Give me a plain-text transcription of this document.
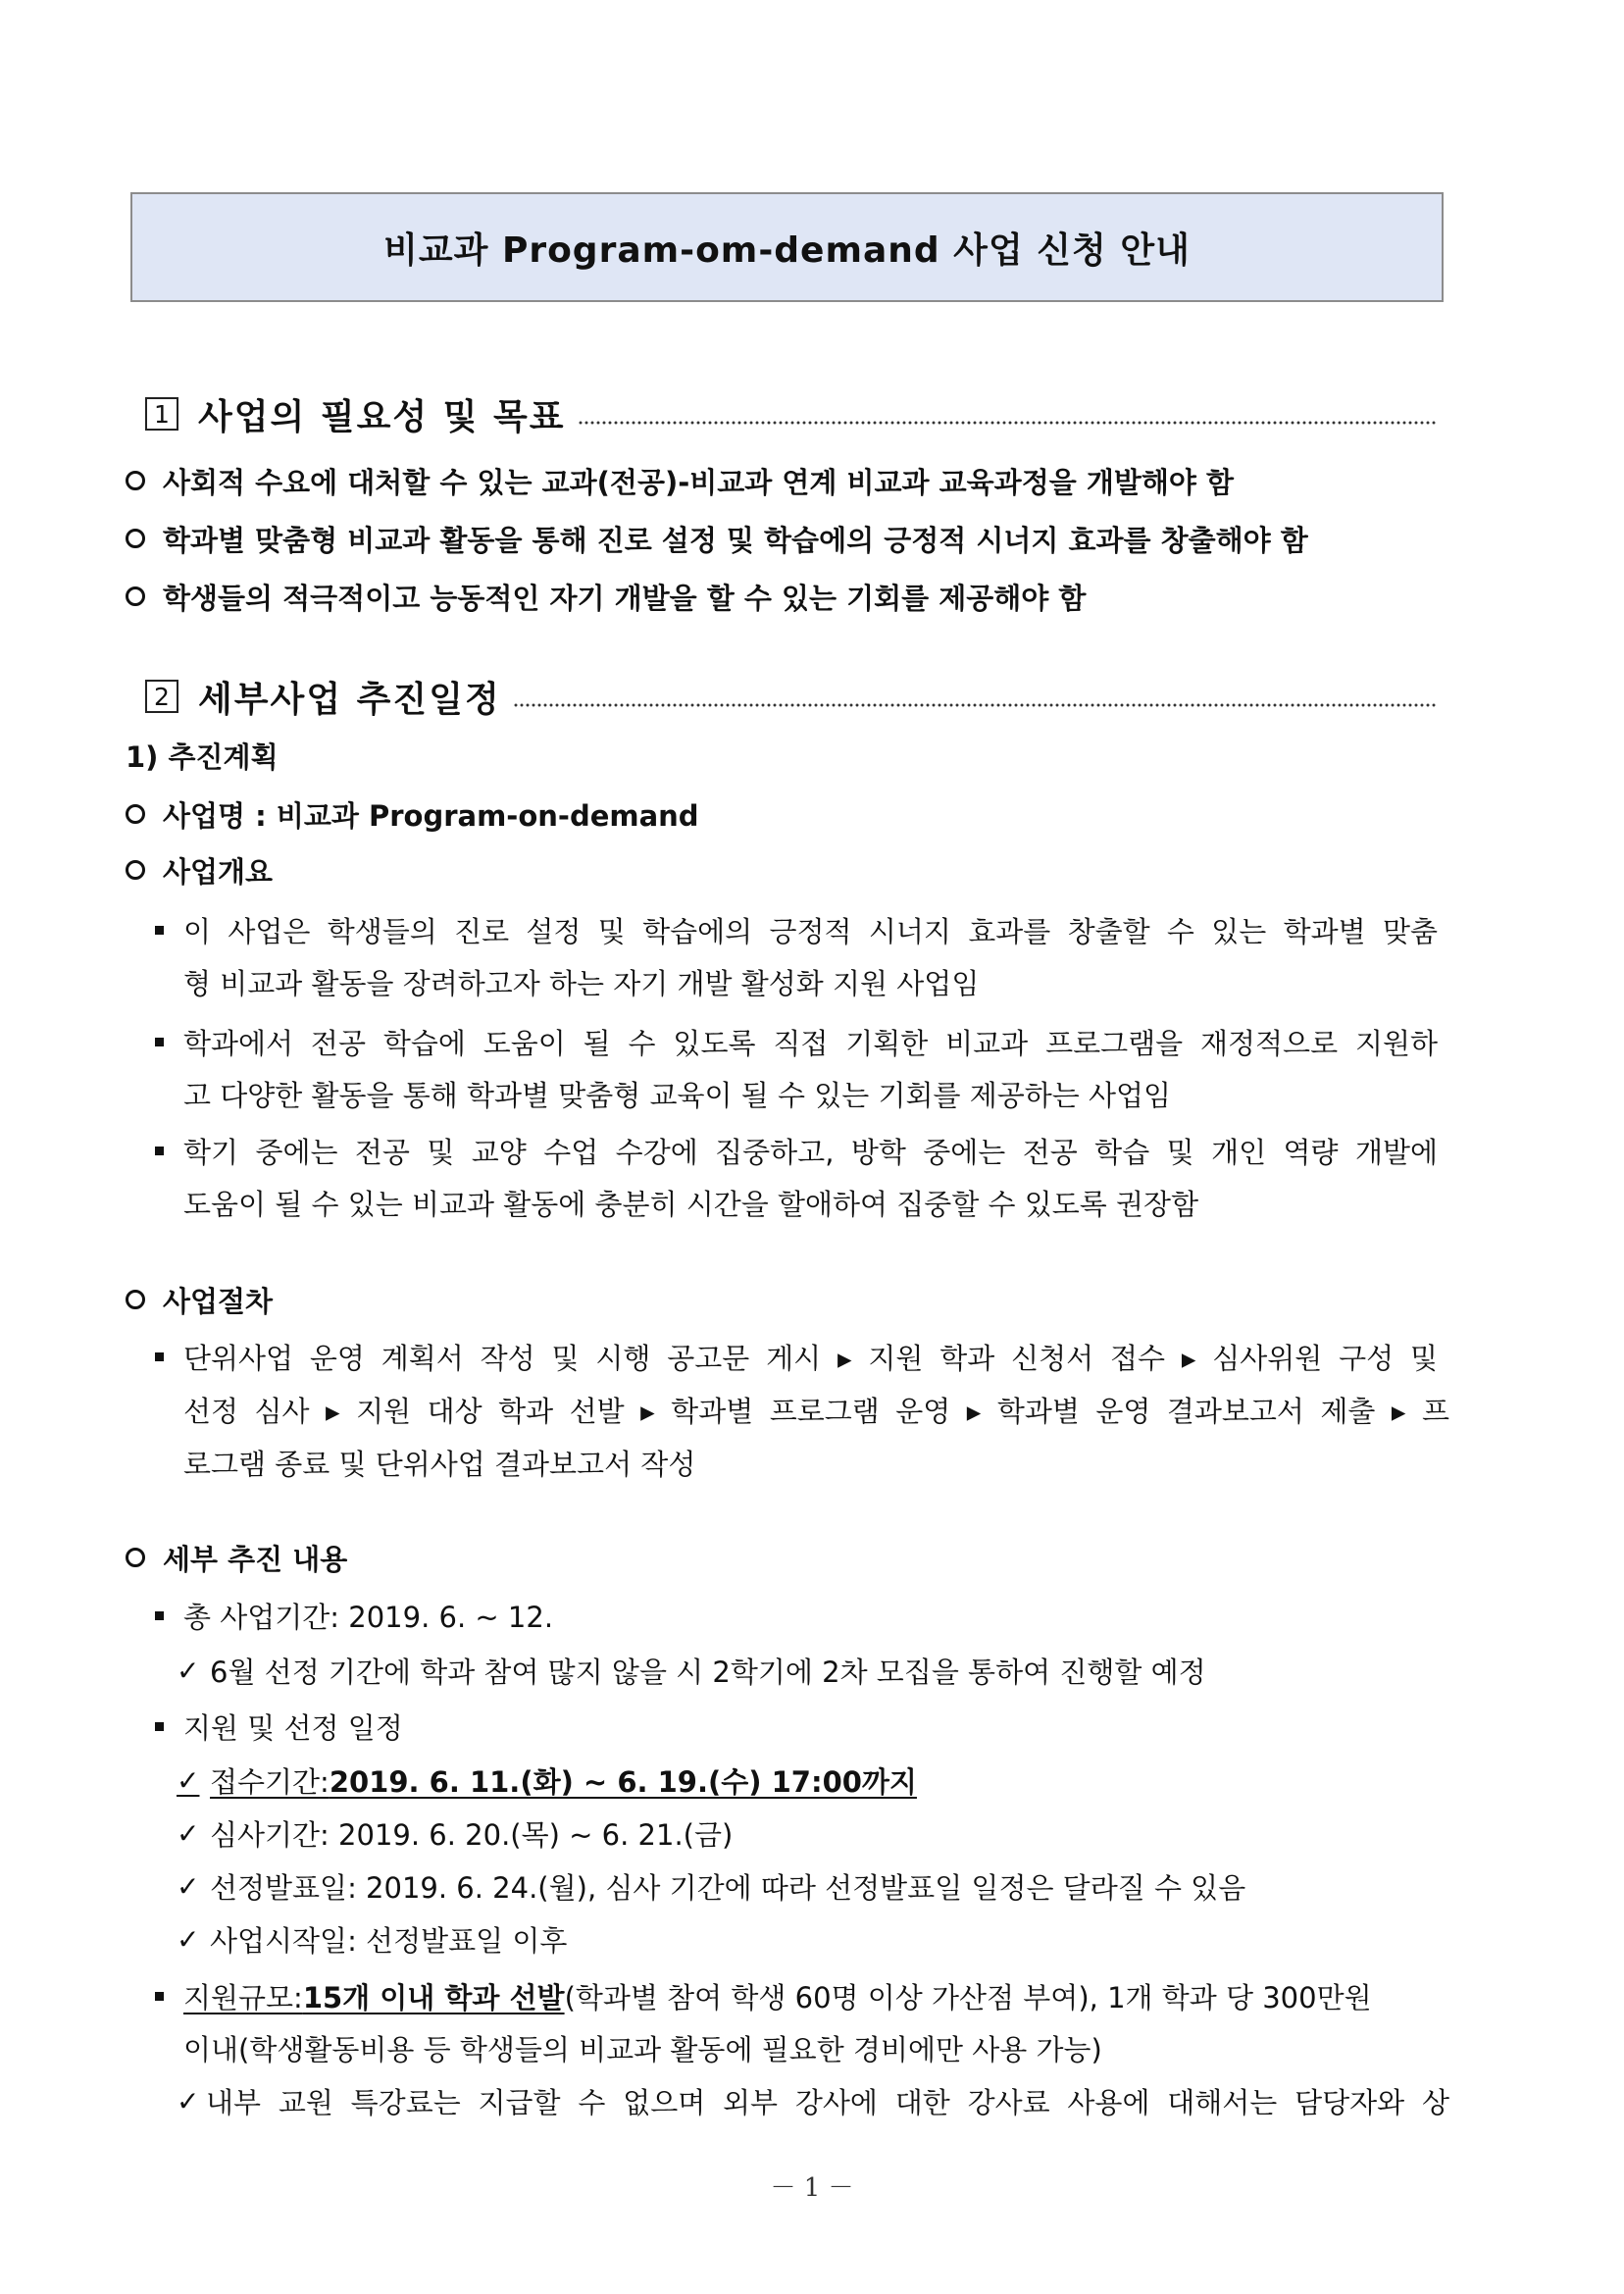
비교과 Program-om-demand 사업 신청 안내
1 사업의 필요성 및 목표
사회적 수요에 대처할 수 있는 교과(전공)-비교과 연계 비교과 교육과정을 개발해야 함
학과별 맞춤형 비교과 활동을 통해 진로 설정 및 학습에의 긍정적 시너지 효과를 창출해야 함
학생들의 적극적이고 능동적인 자기 개발을 할 수 있는 기회를 제공해야 함
2 세부사업 추진일정
1) 추진계획
사업명 : 비교과 Program-on-demand
사업개요
이 사업은 학생들의 진로 설정 및 학습에의 긍정적 시너지 효과를 창출할 수 있는 학과별 맞춤
형 비교과 활동을 장려하고자 하는 자기 개발 활성화 지원 사업임
학과에서 전공 학습에 도움이 될 수 있도록 직접 기획한 비교과 프로그램을 재정적으로 지원하
고 다양한 활동을 통해 학과별 맞춤형 교육이 될 수 있는 기회를 제공하는 사업임
학기 중에는 전공 및 교양 수업 수강에 집중하고, 방학 중에는 전공 학습 및 개인 역량 개발에
도움이 될 수 있는 비교과 활동에 충분히 시간을 할애하여 집중할 수 있도록 권장함
사업절차
단위사업 운영 계획서 작성 및 시행 공고문 게시 ▸ 지원 학과 신청서 접수 ▸ 심사위원 구성 및
선정 심사 ▸ 지원 대상 학과 선발 ▸ 학과별 프로그램 운영 ▸ 학과별 운영 결과보고서 제출 ▸ 프
로그램 종료 및 단위사업 결과보고서 작성
세부 추진 내용
총 사업기간: 2019. 6. ~ 12.
✓ 6월 선정 기간에 학과 참여 많지 않을 시 2학기에 2차 모집을 통하여 진행할 예정
지원 및 선정 일정
✓ 접수기간: 2019. 6. 11.(화) ~ 6. 19.(수) 17:00까지
✓ 심사기간: 2019. 6. 20.(목) ~ 6. 21.(금)
✓ 선정발표일: 2019. 6. 24.(월), 심사 기간에 따라 선정발표일 일정은 달라질 수 있음
✓ 사업시작일: 선정발표일 이후
지원규모: 15개 이내 학과 선발 (학과별 참여 학생 60명 이상 가산점 부여), 1개 학과 당 300만원
이내(학생활동비용 등 학생들의 비교과 활동에 필요한 경비에만 사용 가능)
✓ 내부 교원 특강료는 지급할 수 없으며 외부 강사에 대한 강사료 사용에 대해서는 담당자와 상
－ 1 －
